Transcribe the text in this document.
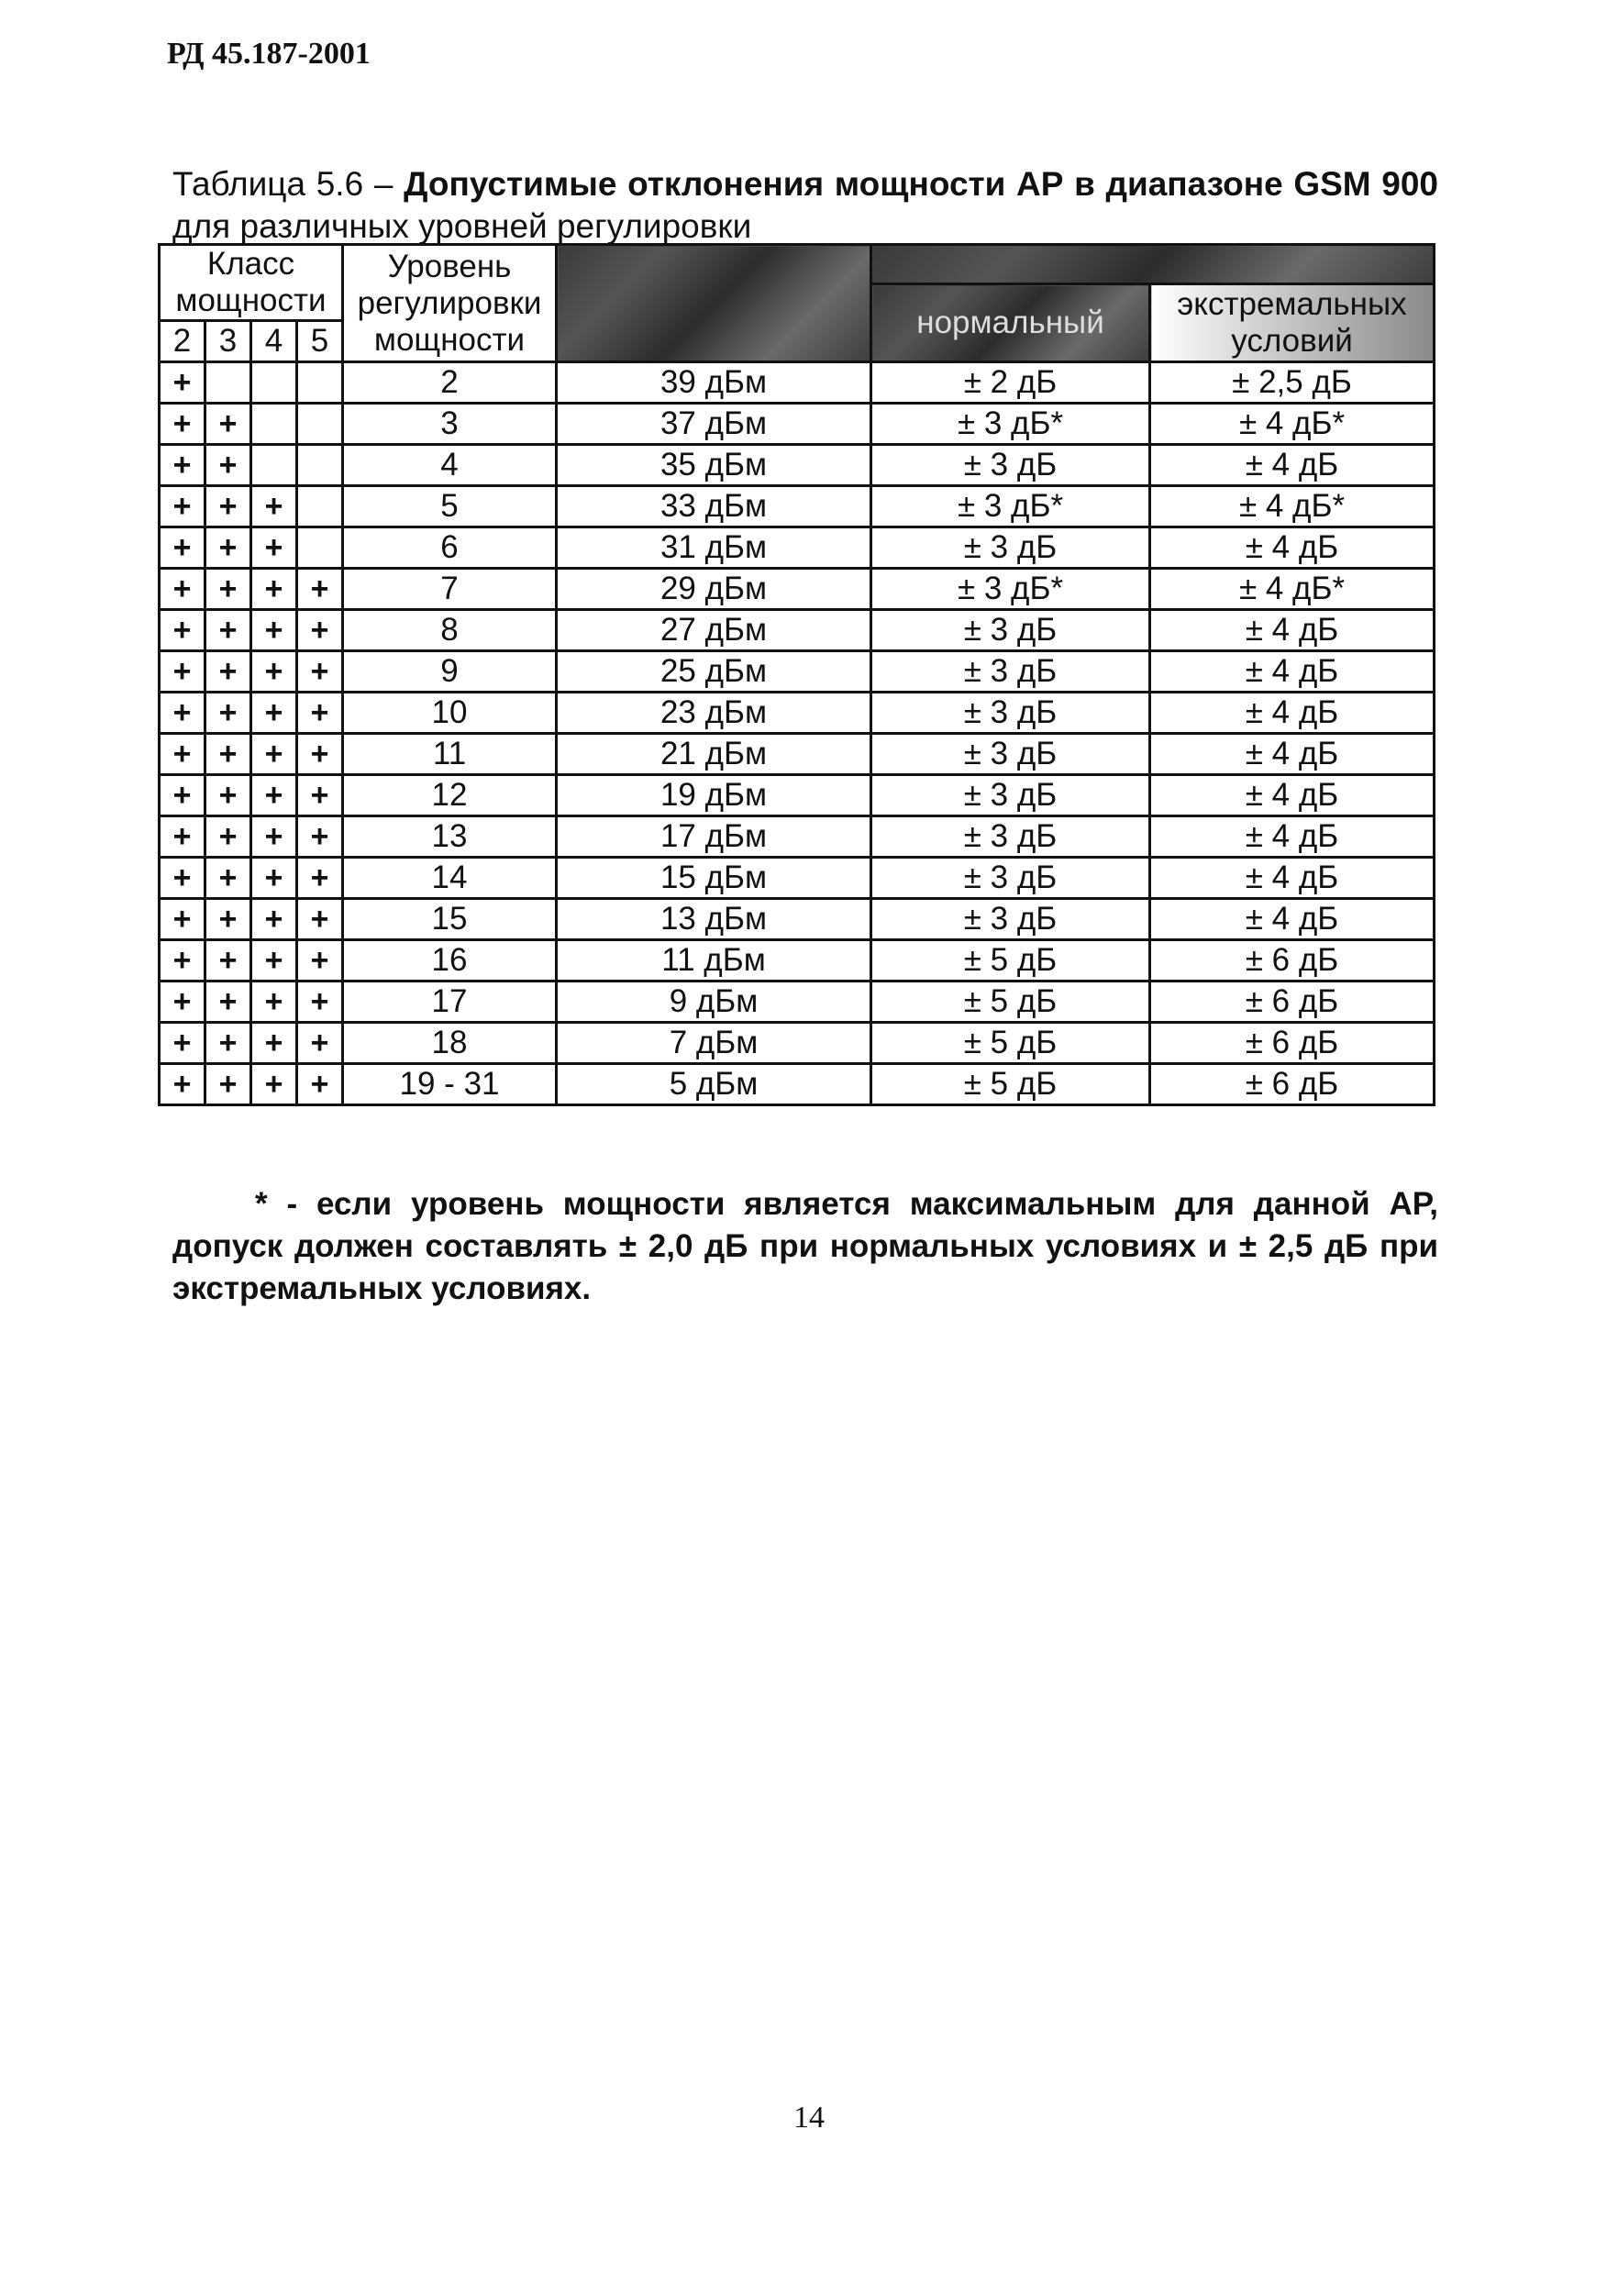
РД 45.187-2001
Таблица 5.6 – Допустимые отклонения мощности АР в диапазоне GSM 900 для различных уровней регулировки
Класс мощности				Уровень регулировки мощности			
						нормальный	экстремальных условий
2	3	4	5				
+				2	39 дБм	± 2 дБ	± 2,5 дБ
+	+			3	37 дБм	± 3 дБ*	± 4 дБ*
+	+			4	35 дБм	± 3 дБ	± 4 дБ
+	+	+		5	33 дБм	± 3 дБ*	± 4 дБ*
+	+	+		6	31 дБм	± 3 дБ	± 4 дБ
+	+	+	+	7	29 дБм	± 3 дБ*	± 4 дБ*
+	+	+	+	8	27 дБм	± 3 дБ	± 4 дБ
+	+	+	+	9	25 дБм	± 3 дБ	± 4 дБ
+	+	+	+	10	23 дБм	± 3 дБ	± 4 дБ
+	+	+	+	11	21 дБм	± 3 дБ	± 4 дБ
+	+	+	+	12	19 дБм	± 3 дБ	± 4 дБ
+	+	+	+	13	17 дБм	± 3 дБ	± 4 дБ
+	+	+	+	14	15 дБм	± 3 дБ	± 4 дБ
+	+	+	+	15	13 дБм	± 3 дБ	± 4 дБ
+	+	+	+	16	11 дБм	± 5 дБ	± 6 дБ
+	+	+	+	17	9 дБм	± 5 дБ	± 6 дБ
+	+	+	+	18	7 дБм	± 5 дБ	± 6 дБ
+	+	+	+	19 - 31	5 дБм	± 5 дБ	± 6 дБ
* - если уровень мощности является максимальным для данной АР, допуск должен составлять ± 2,0 дБ при нормальных условиях и ± 2,5 дБ при экстремальных условиях.
14
